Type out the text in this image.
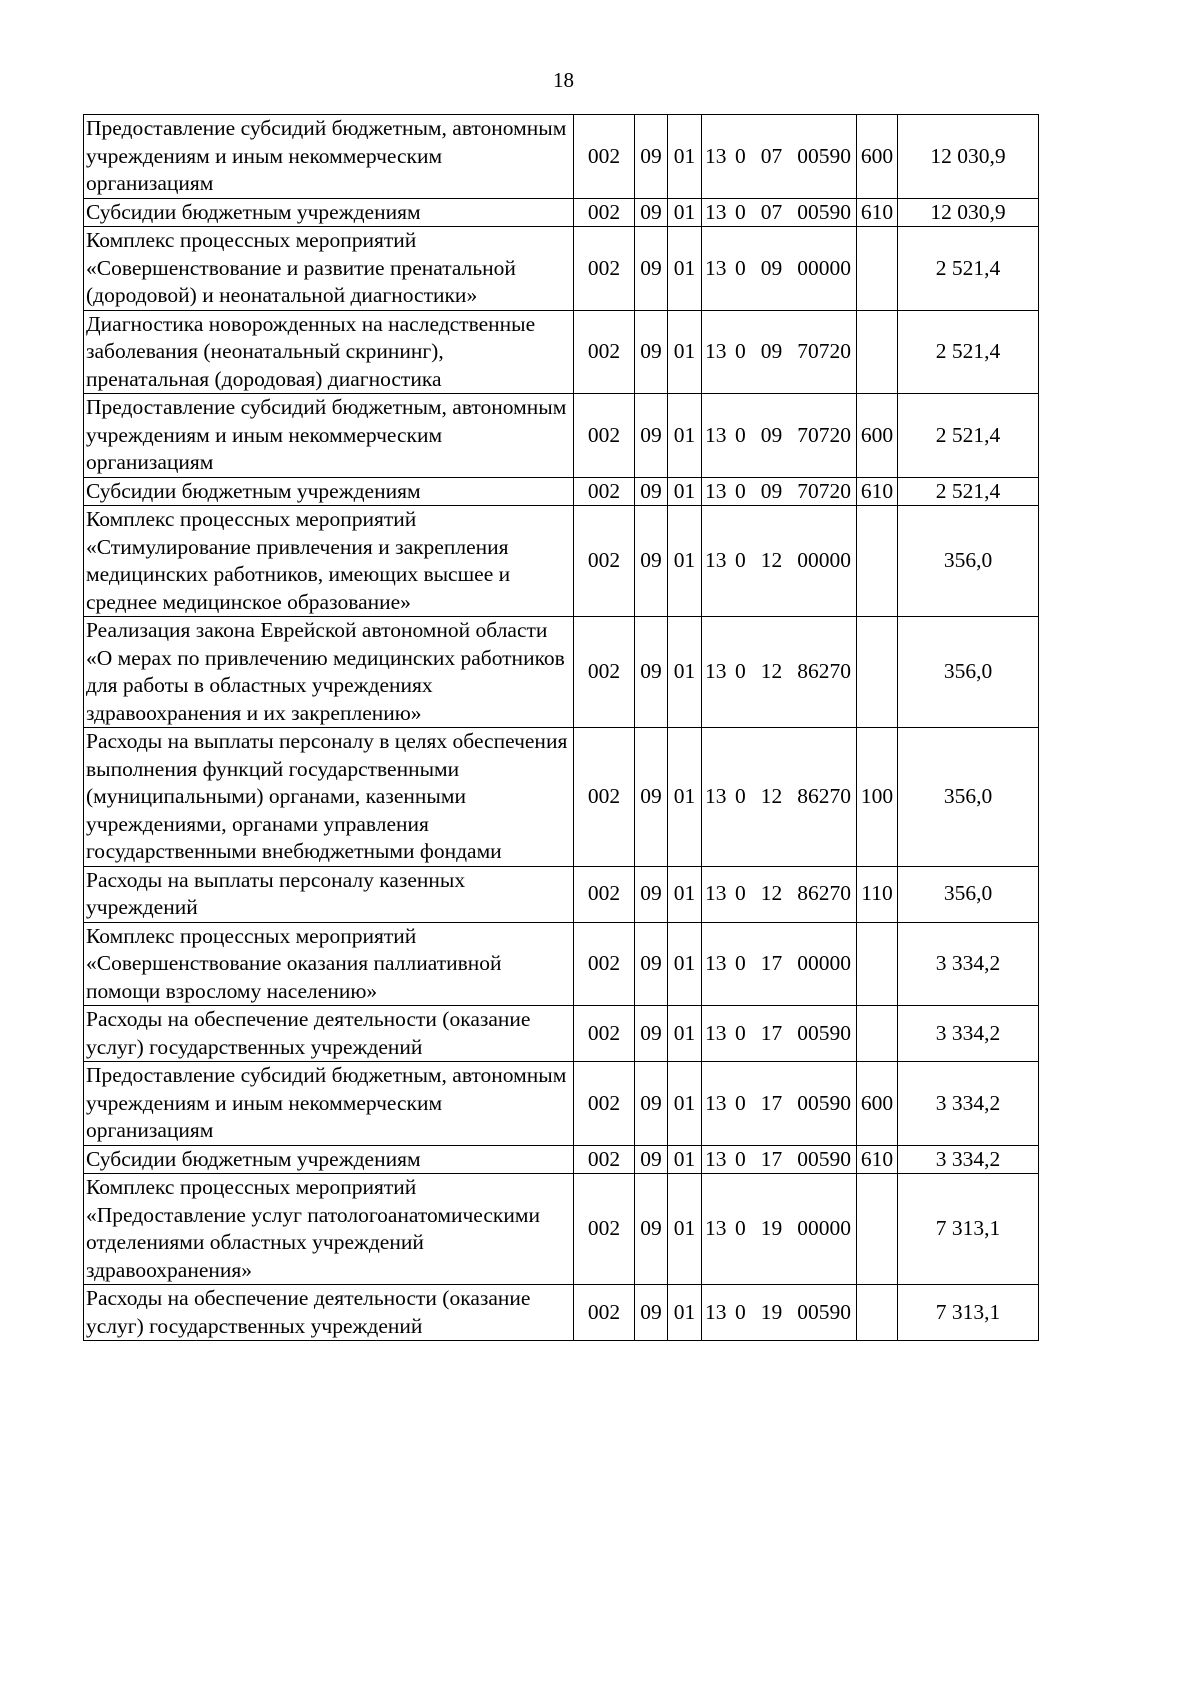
18
Предоставление субсидий бюджетным, автономным учреждениям и иным некоммерческим организациям	002	09	01	13 0 07 00590	600	12 030,9
Субсидии бюджетным учреждениям	002	09	01	13 0 07 00590	610	12 030,9
Комплекс процессных мероприятий «Совершенствование и развитие пренатальной (дородовой) и неонатальной диагностики»	002	09	01	13 0 09 00000		2 521,4
Диагностика новорожденных на наследственные заболевания (неонатальный скрининг), пренатальная (дородовая) диагностика	002	09	01	13 0 09 70720		2 521,4
Предоставление субсидий бюджетным, автономным учреждениям и иным некоммерческим организациям	002	09	01	13 0 09 70720	600	2 521,4
Субсидии бюджетным учреждениям	002	09	01	13 0 09 70720	610	2 521,4
Комплекс процессных мероприятий «Стимулирование привлечения и закрепления медицинских работников, имеющих высшее и среднее медицинское образование»	002	09	01	13 0 12 00000		356,0
Реализация закона Еврейской автономной области «О мерах по привлечению медицинских работников для работы в областных учреждениях здравоохранения и их закреплению»	002	09	01	13 0 12 86270		356,0
Расходы на выплаты персоналу в целях обеспечения выполнения функций государственными (муниципальными) органами, казенными учреждениями, органами управления государственными внебюджетными фондами	002	09	01	13 0 12 86270	100	356,0
Расходы на выплаты персоналу казенных учреждений	002	09	01	13 0 12 86270	110	356,0
Комплекс процессных мероприятий «Совершенствование оказания паллиативной помощи взрослому населению»	002	09	01	13 0 17 00000		3 334,2
Расходы на обеспечение деятельности (оказание услуг) государственных учреждений	002	09	01	13 0 17 00590		3 334,2
Предоставление субсидий бюджетным, автономным учреждениям и иным некоммерческим организациям	002	09	01	13 0 17 00590	600	3 334,2
Субсидии бюджетным учреждениям	002	09	01	13 0 17 00590	610	3 334,2
Комплекс процессных мероприятий «Предоставление услуг патологоанатомическими отделениями областных учреждений здравоохранения»	002	09	01	13 0 19 00000		7 313,1
Расходы на обеспечение деятельности (оказание услуг) государственных учреждений	002	09	01	13 0 19 00590		7 313,1
